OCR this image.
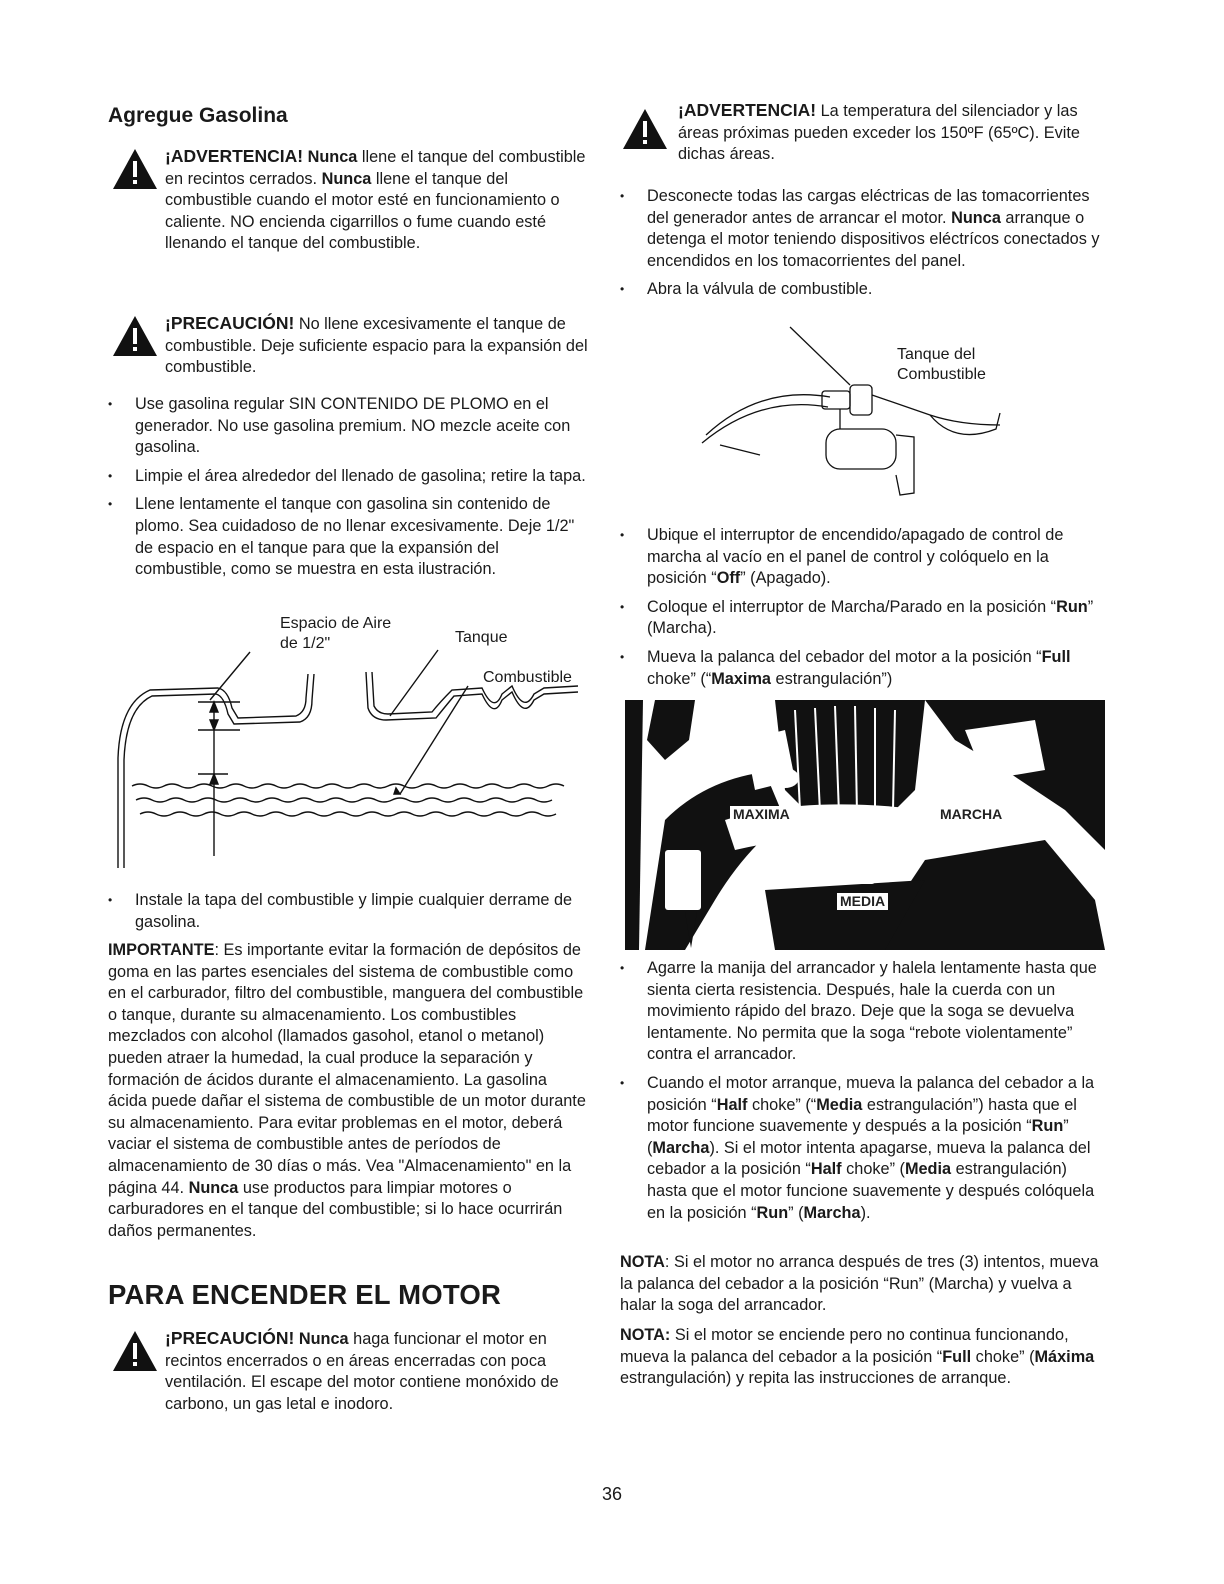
Agregue Gasolina

¡ADVERTENCIA! Nunca llene el tanque del combustible en recintos cerrados. Nunca llene el tanque del combustible cuando el motor esté en funcionamiento o caliente. NO encienda cigarrillos o fume cuando esté llenando el tanque del combustible.

¡PRECAUCIÓN! No llene excesivamente el tanque de combustible. Deje suficiente espacio para la expansión del combustible.

• Use gasolina regular SIN CONTENIDO DE PLOMO en el generador. No use gasolina premium. NO mezcle aceite con gasolina.
• Limpie el área alrededor del llenado de gasolina; retire la tapa.
• Llene lentamente el tanque con gasolina sin contenido de plomo. Sea cuidadoso de no llenar excesivamente. Deje 1/2" de espacio en el tanque para que la expansión del combustible, como se muestra en esta ilustración.
Espacio de Aire
de 1/2"	Tanque
Combustible
• Instale la tapa del combustible y limpie cualquier derrame de gasolina.

IMPORTANTE: Es importante evitar la formación de depósitos de goma en las partes esenciales del sistema de combustible como en el carburador, filtro del combustible, manguera del combustible o tanque, durante su almacenamiento. Los combustibles mezclados con alcohol (llamados gasohol, etanol o metanol) pueden atraer la humedad, la cual produce la separación y formación de ácidos durante el almacenamiento. La gasolina ácida puede dañar el sistema de combustible de un motor durante su almacenamiento. Para evitar problemas en el motor, deberá vaciar el sistema de combustible antes de períodos de almacenamiento de 30 días o más. Vea "Almacenamiento" en la página 44. Nunca use productos para limpiar motores o carburadores en el tanque del combustible; si lo hace ocurrirán daños permanentes.

PARA ENCENDER EL MOTOR

¡PRECAUCIÓN! Nunca haga funcionar el motor en recintos encerrados o en áreas encerradas con poca ventilación. El escape del motor contiene monóxido de carbono, un gas letal e inodoro.

¡ADVERTENCIA! La temperatura del silenciador y las áreas próximas pueden exceder los 150ºF (65ºC). Evite dichas áreas.

• Desconecte todas las cargas eléctricas de las tomacorrientes del generador antes de arrancar el motor. Nunca arranque o detenga el motor teniendo dispositivos eléctrícos conectados y encendidos en los tomacorrientes del panel.
• Abra la válvula de combustible.
Tanque del
Combustible
• Ubique el interruptor de encendido/apagado de control de marcha al vacío en el panel de control y colóquelo en la posición “Off” (Apagado).
• Coloque el interruptor de Marcha/Parado en la posición “Run” (Marcha).
• Mueva la palanca del cebador del motor a la posición “Full choke” (“Maxima estrangulación”)
MAXIMA	MARCHA
MEDIA
• Agarre la manija del arrancador y halela lentamente hasta que sienta cierta resistencia. Después, hale la cuerda con un movimiento rápido del brazo. Deje que la soga se devuelva lentamente. No permita que la soga “rebote violentamente” contra el arrancador.
• Cuando el motor arranque, mueva la palanca del cebador a la posición “Half choke” (“Media estrangulación”) hasta que el motor funcione suavemente y después a la posición “Run” (Marcha). Si el motor intenta apagarse, mueva la palanca del cebador a la posición “Half choke” (Media estrangulación) hasta que el motor funcione suavemente y después colóquela en la posición “Run” (Marcha).

NOTA: Si el motor no arranca después de tres (3) intentos, mueva la palanca del cebador a la posición “Run” (Marcha) y vuelva a halar la soga del arrancador.

NOTA: Si el motor se enciende pero no continua funcionando, mueva la palanca del cebador a la posición “Full choke” (Máxima estrangulación) y repita las instrucciones de arranque.

36
